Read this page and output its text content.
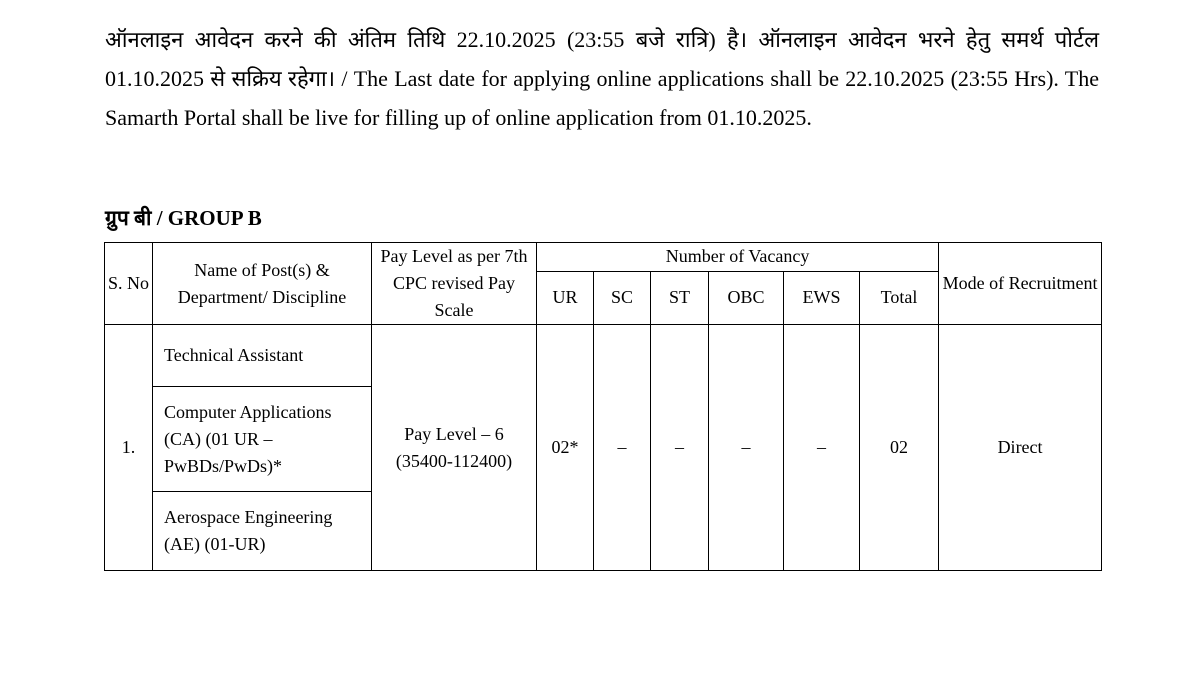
ऑनलाइन आवेदन करने की अंतिम तिथि 22.10.2025 (23:55 बजे रात्रि) है। ऑनलाइन आवेदन भरने हेतु समर्थ पोर्टल 01.10.2025 से सक्रिय रहेगा। / The Last date for applying online applications shall be 22.10.2025 (23:55 Hrs). The Samarth Portal shall be live for filling up of online application from 01.10.2025.
ग्रुप बी / GROUP B
S. No	Name of Post(s) & Department/ Discipline	Pay Level as per 7th CPC revised Pay Scale	Number of Vacancy						Mode of Recruitment
			UR	SC	ST	OBC	EWS	Total	
1.	Technical Assistant	Pay Level – 6 (35400-112400)	02*	–	–	–	–	02	Direct
	Computer Applications (CA) (01 UR – PwBDs/PwDs)*								
	Aerospace Engineering (AE) (01-UR)								
